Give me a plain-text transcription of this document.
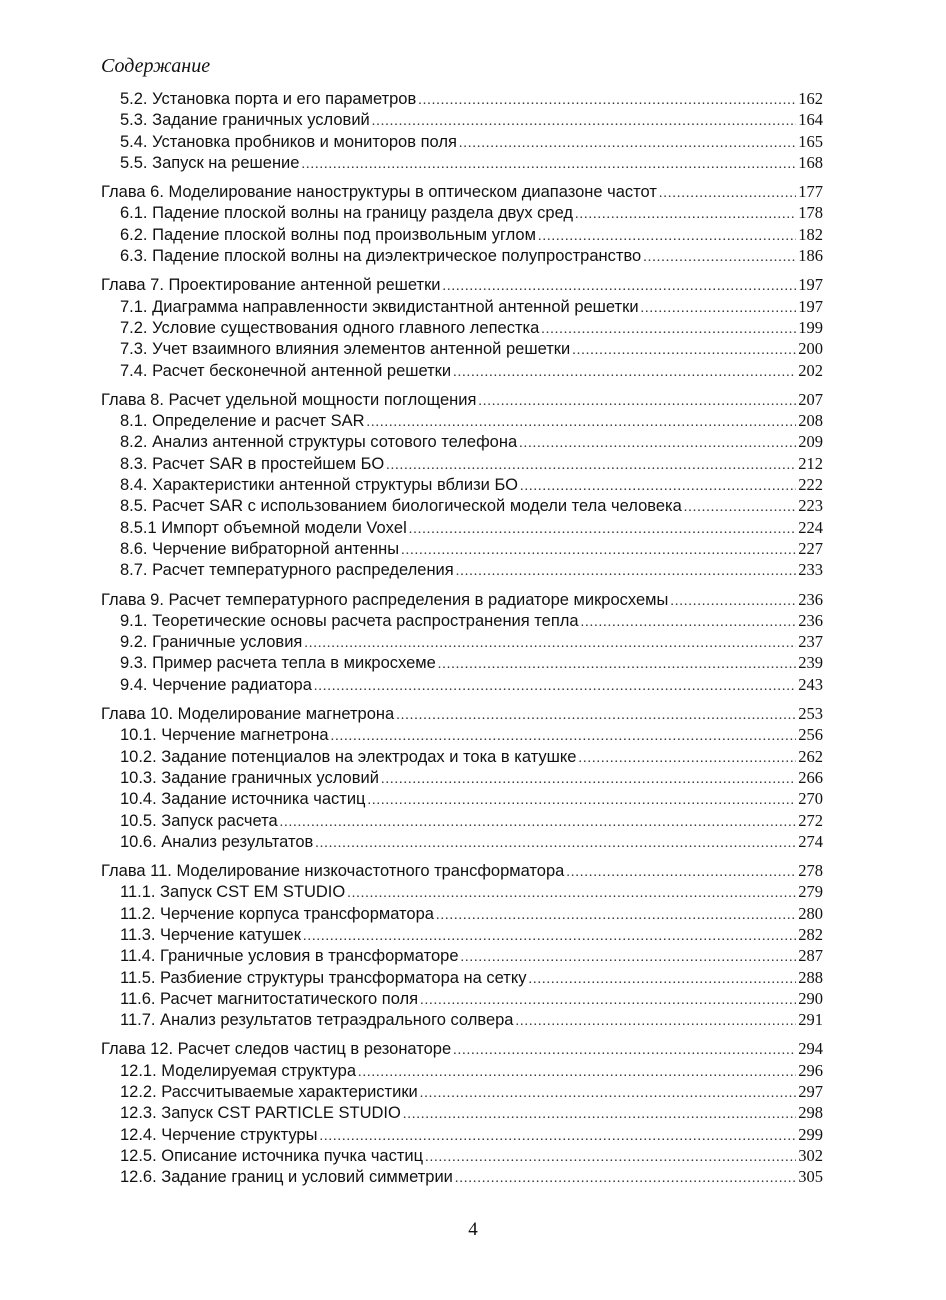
Содержание
5.2. Установка порта и его параметров .....	162
5.3. Задание граничных условий .....	164
5.4. Установка пробников и мониторов поля .....	165
5.5. Запуск на решение .....	168
Глава 6. Моделирование наноструктуры в оптическом диапазоне частот .....	177
6.1. Падение плоской волны на границу раздела двух сред .....	178
6.2. Падение плоской волны под произвольным углом .....	182
6.3. Падение плоской волны на диэлектрическое полупространство .....	186
Глава 7. Проектирование антенной решетки .....	197
7.1. Диаграмма направленности эквидистантной антенной решетки .....	197
7.2. Условие существования одного главного лепестка .....	199
7.3. Учет взаимного влияния элементов антенной решетки .....	200
7.4. Расчет бесконечной антенной решетки .....	202
Глава 8. Расчет удельной мощности поглощения .....	207
8.1. Определение и расчет SAR .....	208
8.2. Анализ антенной структуры сотового телефона .....	209
8.3. Расчет SAR в простейшем БО .....	212
8.4. Характеристики антенной структуры вблизи БО .....	222
8.5. Расчет SAR с использованием биологической модели тела человека .....	223
8.5.1 Импорт объемной модели Voxel .....	224
8.6. Черчение вибраторной антенны .....	227
8.7. Расчет температурного распределения .....	233
Глава 9. Расчет температурного распределения в радиаторе микросхемы .....	236
9.1. Теоретические основы расчета распространения тепла .....	236
9.2. Граничные условия .....	237
9.3. Пример расчета тепла в микросхеме .....	239
9.4. Черчение радиатора .....	243
Глава 10. Моделирование магнетрона .....	253
10.1. Черчение магнетрона .....	256
10.2. Задание потенциалов на электродах и тока в катушке .....	262
10.3. Задание граничных условий .....	266
10.4. Задание источника частиц .....	270
10.5. Запуск расчета .....	272
10.6. Анализ результатов .....	274
Глава 11. Моделирование низкочастотного трансформатора .....	278
11.1. Запуск CST EM STUDIO .....	279
11.2. Черчение корпуса трансформатора .....	280
11.3. Черчение катушек .....	282
11.4. Граничные условия в трансформаторе .....	287
11.5. Разбиение структуры трансформатора на сетку .....	288
11.6. Расчет магнитостатического поля .....	290
11.7. Анализ результатов тетраэдрального солвера .....	291
Глава 12. Расчет следов частиц в резонаторе .....	294
12.1. Моделируемая структура .....	296
12.2. Рассчитываемые характеристики .....	297
12.3. Запуск CST PARTICLE STUDIO .....	298
12.4. Черчение структуры .....	299
12.5. Описание источника пучка частиц .....	302
12.6. Задание границ и условий симметрии .....	305
4
